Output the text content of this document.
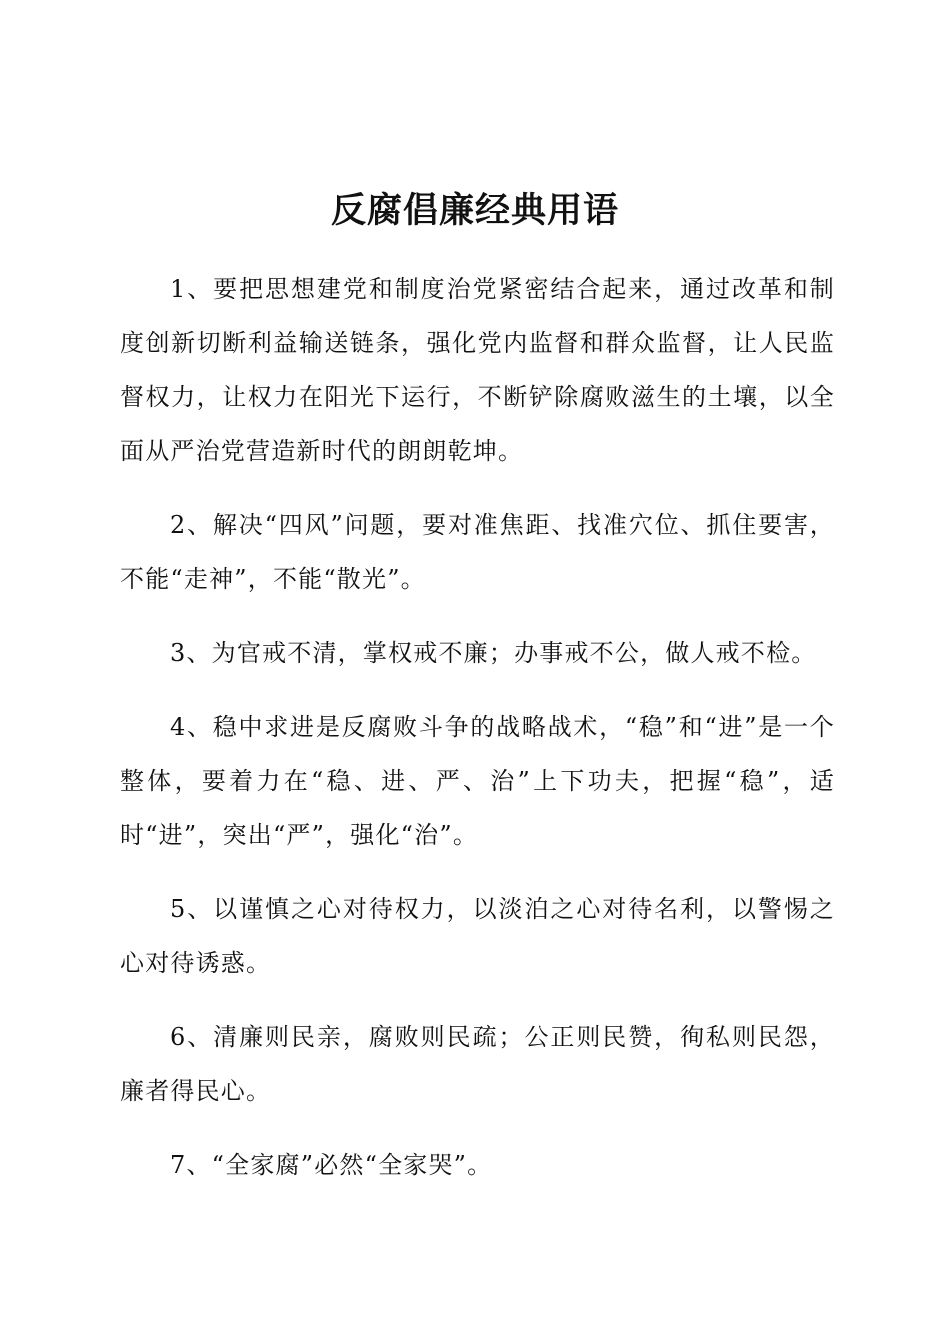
反腐倡廉经典用语

1、要把思想建党和制度治党紧密结合起来，通过改革和制度创新切断利益输送链条，强化党内监督和群众监督，让人民监督权力，让权力在阳光下运行，不断铲除腐败滋生的土壤，以全面从严治党营造新时代的朗朗乾坤。

2、解决“四风”问题，要对准焦距、找准穴位、抓住要害，不能“走神”，不能“散光”。

3、为官戒不清，掌权戒不廉；办事戒不公，做人戒不检。

4、稳中求进是反腐败斗争的战略战术，“稳”和“进”是一个整体，要着力在“稳、进、严、治”上下功夫，把握“稳”，适时“进”，突出“严”，强化“治”。

5、以谨慎之心对待权力，以淡泊之心对待名利，以警惕之心对待诱惑。

6、清廉则民亲，腐败则民疏；公正则民赞，徇私则民怨，廉者得民心。

7、“全家腐”必然“全家哭”。
